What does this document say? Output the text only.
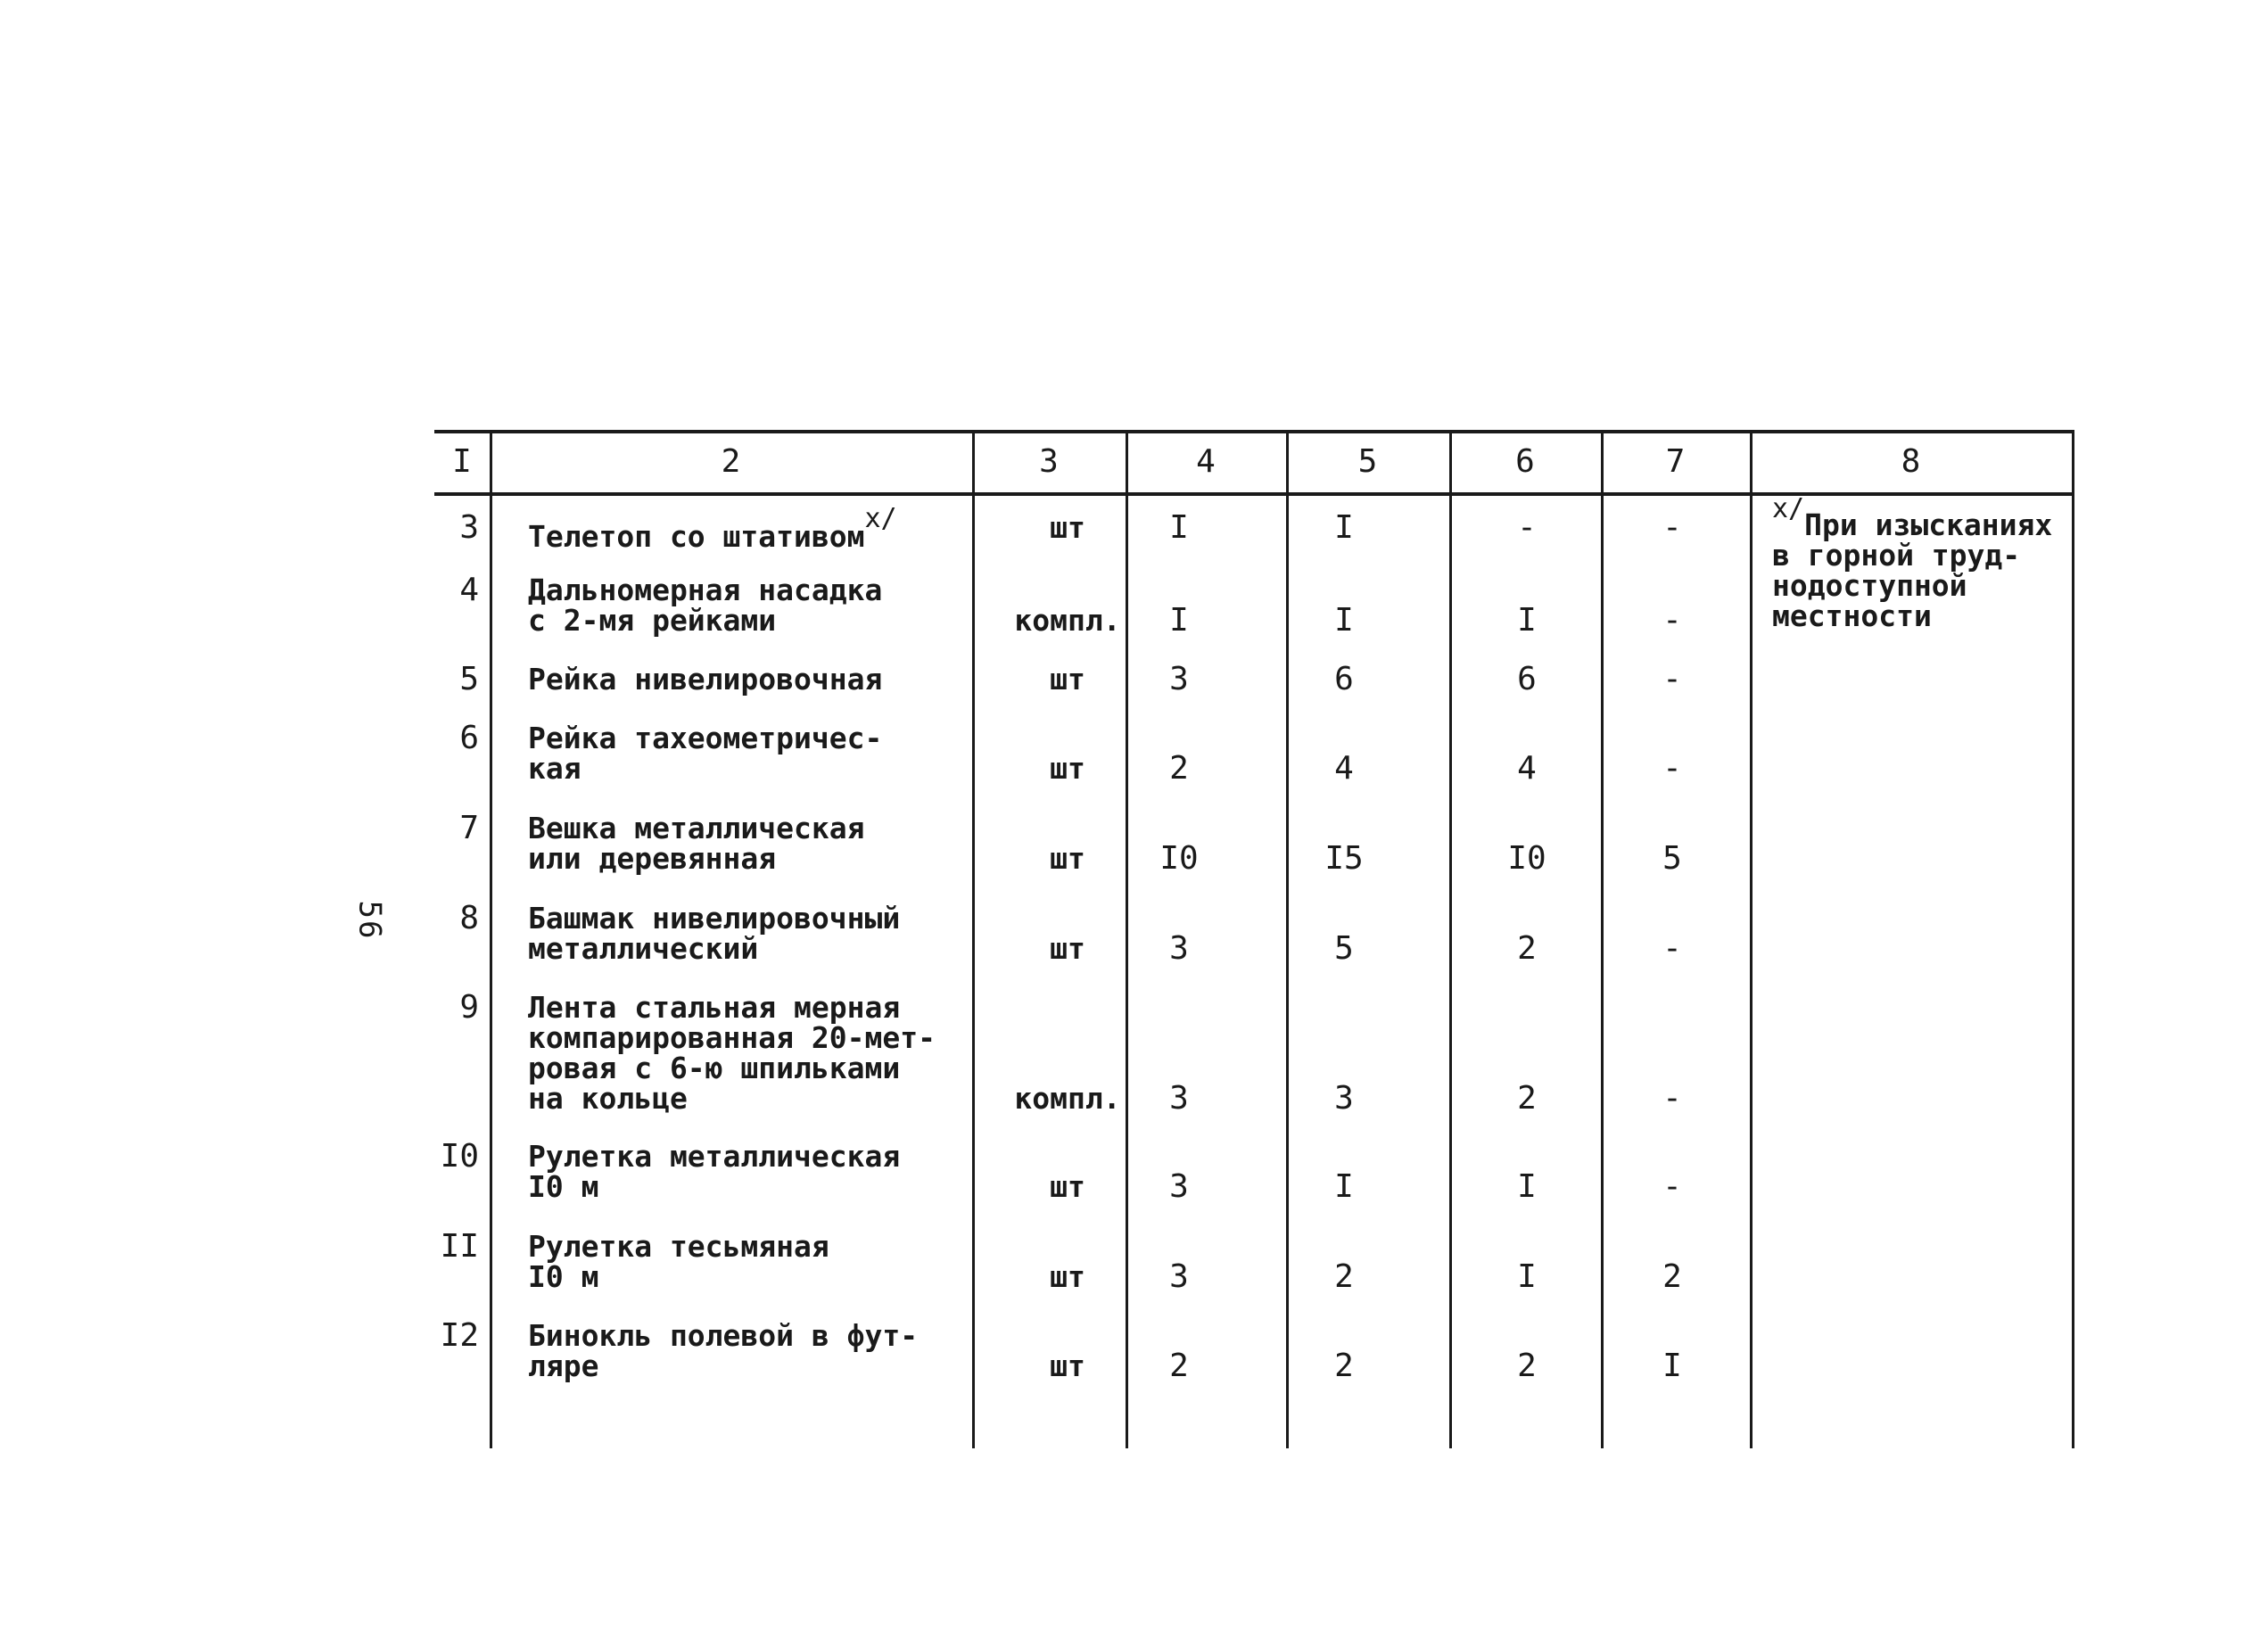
56
I	2	3	4	5	6	7	8
$^{x/}$При изысканиях
в горной труд-
нодоступной
местности
3 Телетоп со штативом$^{x/}$	шт	I	I	-	-
4 Дальномерная насадка
с 2-мя рейками	компл.	I	I	I	-
5 Рейка нивелировочная	шт	3	6	6	-
6 Рейка тахеометричес-
кая	шт	2	4	4	-
7 Вешка металлическая
или деревянная	шт	I0	I5	I0	5
8 Башмак нивелировочный
металлический	шт	3	5	2	-
9 Лента стальная мерная
компарированная 20-мет-
ровая с 6-ю шпильками
на кольце	компл.	3	3	2	-
I0 Рулетка металлическая
I0 м	шт	3	I	I	-
II Рулетка тесьмяная
I0 м	шт	3	2	I	2
I2 Бинокль полевой в фут-
ляре	шт	2	2	2	I
